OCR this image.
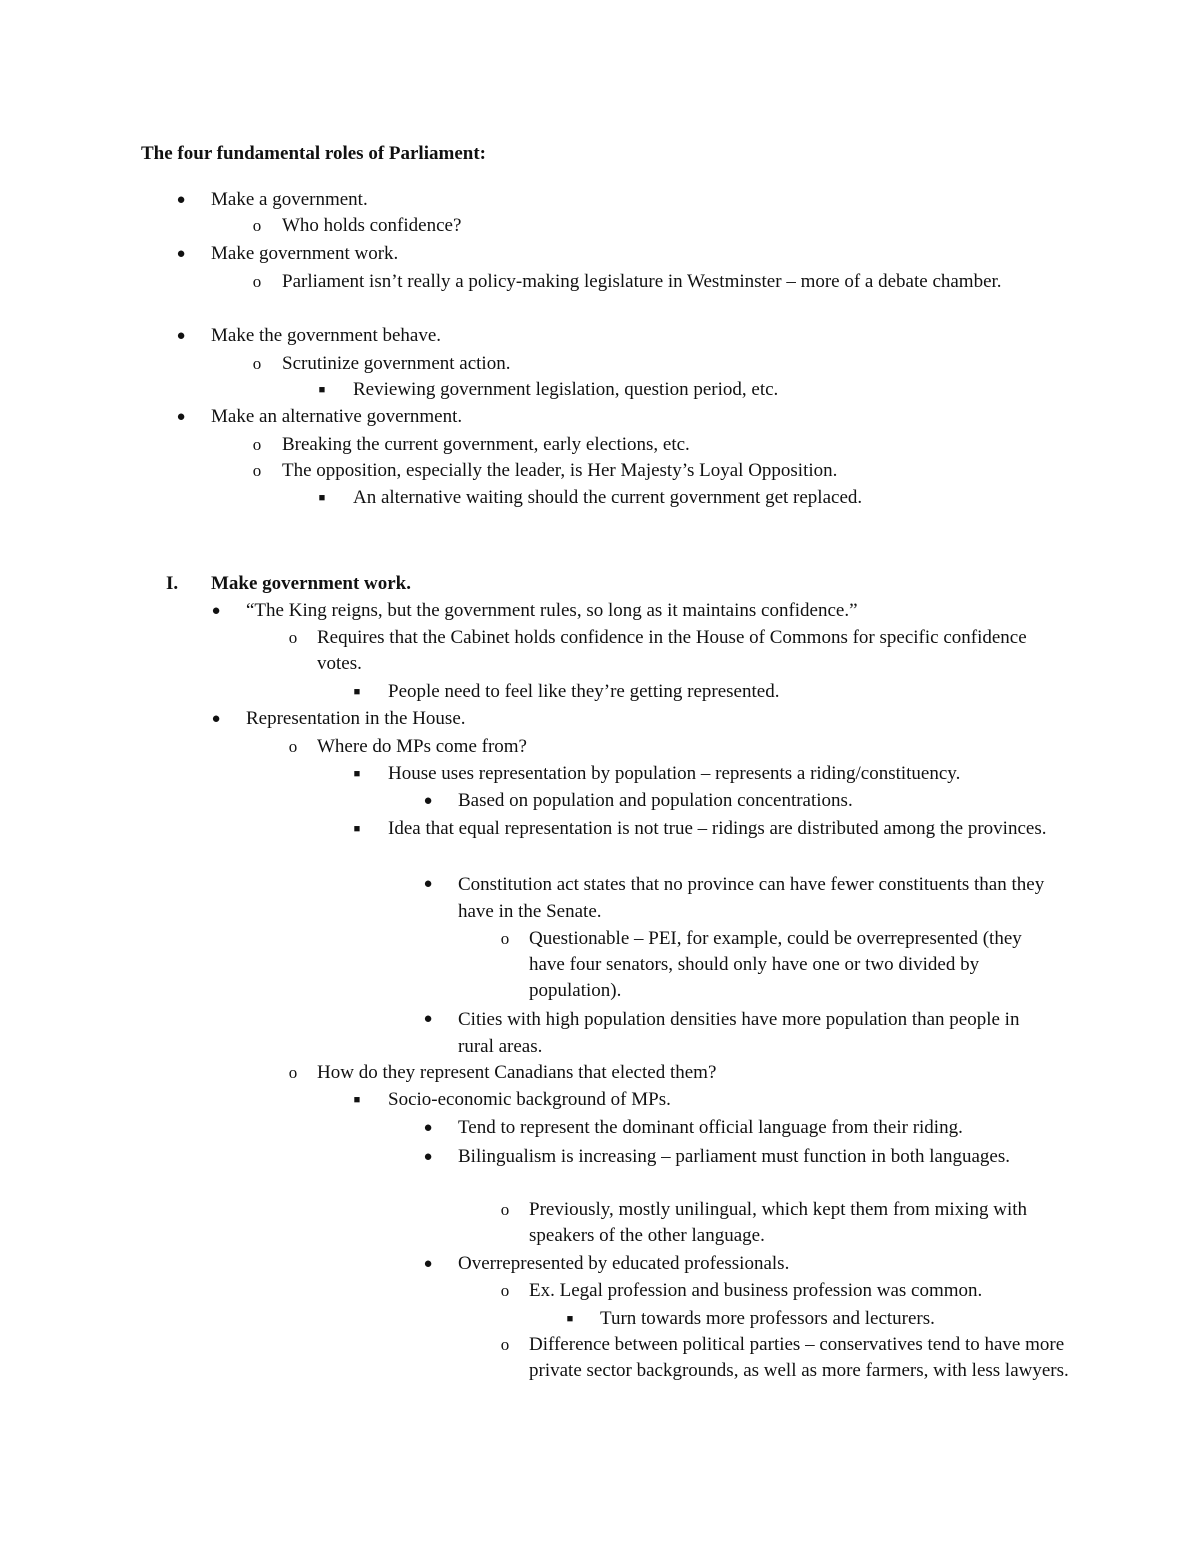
The four fundamental roles of Parliament:
●	Make a government.
o	Who holds confidence?
●	Make government work.
o	Parliament isn’t really a policy-making legislature in Westminster – more of a debate chamber.
●	Make the government behave.
o	Scrutinize government action.
■	Reviewing government legislation, question period, etc.
●	Make an alternative government.
o	Breaking the current government, early elections, etc.
o	The opposition, especially the leader, is Her Majesty’s Loyal Opposition.
■	An alternative waiting should the current government get replaced.
I. Make government work.
●	“The King reigns, but the government rules, so long as it maintains confidence.”
o	Requires that the Cabinet holds confidence in the House of Commons for specific confidence votes.
■	People need to feel like they’re getting represented.
●	Representation in the House.
o	Where do MPs come from?
■	House uses representation by population – represents a riding/constituency.
●	Based on population and population concentrations.
■	Idea that equal representation is not true – ridings are distributed among the provinces.
●	Constitution act states that no province can have fewer constituents than they have in the Senate.
o	Questionable – PEI, for example, could be overrepresented (they have four senators, should only have one or two divided by population).
●	Cities with high population densities have more population than people in rural areas.
o	How do they represent Canadians that elected them?
■	Socio-economic background of MPs.
●	Tend to represent the dominant official language from their riding.
●	Bilingualism is increasing – parliament must function in both languages.
o	Previously, mostly unilingual, which kept them from mixing with speakers of the other language.
●	Overrepresented by educated professionals.
o	Ex. Legal profession and business profession was common.
■	Turn towards more professors and lecturers.
o	Difference between political parties – conservatives tend to have more private sector backgrounds, as well as more farmers, with less lawyers.
